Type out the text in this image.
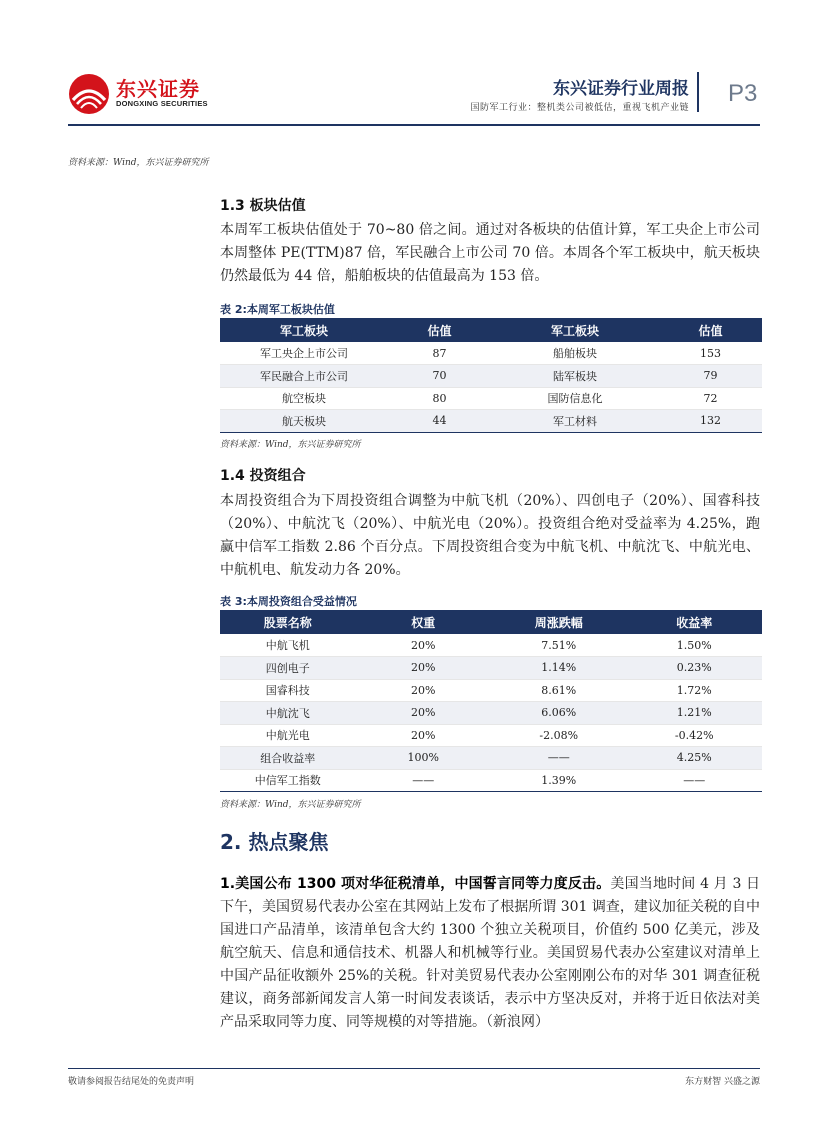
东兴证券
DONGXING SECURITIES
东兴证券行业周报
国防军工行业：整机类公司被低估，重视飞机产业链
P3
资料来源：Wind，东兴证券研究所
1.3 板块估值
本周军工板块估值处于 70~80 倍之间。通过对各板块的估值计算，军工央企上市公司本周整体 PE(TTM)87 倍，军民融合上市公司 70 倍。本周各个军工板块中，航天板块仍然最低为 44 倍，船舶板块的估值最高为 153 倍。
表 2:本周军工板块估值
军工板块	估值	军工板块	估值
军工央企上市公司	87	船舶板块	153
军民融合上市公司	70	陆军板块	79
航空板块	80	国防信息化	72
航天板块	44	军工材料	132
资料来源：Wind，东兴证券研究所
1.4 投资组合
本周投资组合为下周投资组合调整为中航飞机（20%）、四创电子（20%）、国睿科技（20%）、中航沈飞（20%）、中航光电（20%）。投资组合绝对受益率为 4.25%，跑赢中信军工指数 2.86 个百分点。下周投资组合变为中航飞机、中航沈飞、中航光电、中航机电、航发动力各 20%。
表 3:本周投资组合受益情况
股票名称	权重	周涨跌幅	收益率
中航飞机	20%	7.51%	1.50%
四创电子	20%	1.14%	0.23%
国睿科技	20%	8.61%	1.72%
中航沈飞	20%	6.06%	1.21%
中航光电	20%	-2.08%	-0.42%
组合收益率	100%	——	4.25%
中信军工指数	——	1.39%	——
资料来源：Wind，东兴证券研究所
2. 热点聚焦
1.美国公布 1300 项对华征税清单，中国誓言同等力度反击。美国当地时间 4 月 3 日下午，美国贸易代表办公室在其网站上发布了根据所谓 301 调查，建议加征关税的自中国进口产品清单，该清单包含大约 1300 个独立关税项目，价值约 500 亿美元，涉及航空航天、信息和通信技术、机器人和机械等行业。美国贸易代表办公室建议对清单上中国产品征收额外 25%的关税。针对美贸易代表办公室刚刚公布的对华 301 调查征税建议，商务部新闻发言人第一时间发表谈话，表示中方坚决反对，并将于近日依法对美产品采取同等力度、同等规模的对等措施。（新浪网）
敬请参阅报告结尾处的免责声明	东方财智 兴盛之源
